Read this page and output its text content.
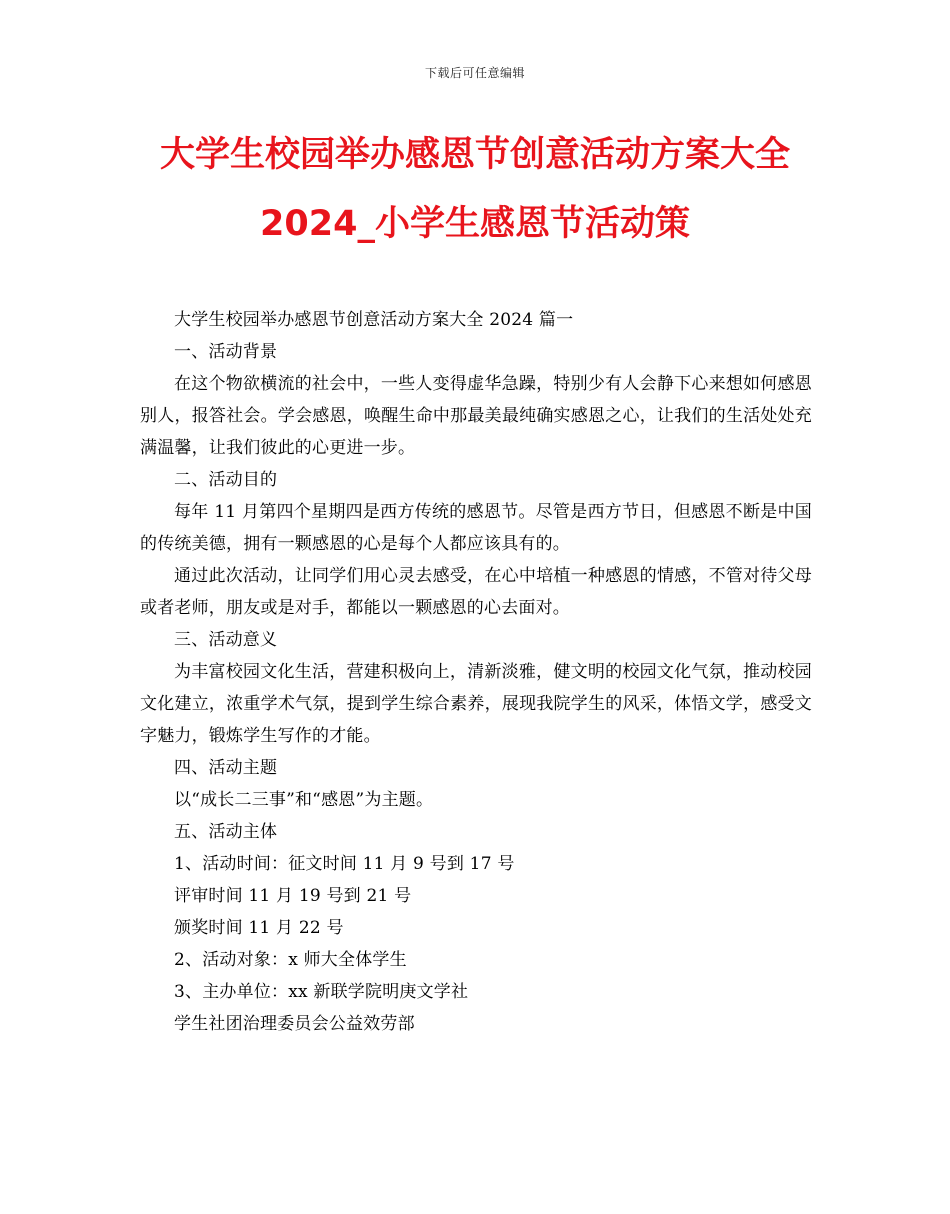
下载后可任意编辑
大学生校园举办感恩节创意活动方案大全
2024_小学生感恩节活动策

大学生校园举办感恩节创意活动方案大全 2024 篇一

一、活动背景

在这个物欲横流的社会中，一些人变得虚华急躁，特别少有人会静下心来想如何感恩别人，报答社会。学会感恩，唤醒生命中那最美最纯确实感恩之心，让我们的生活处处充满温馨，让我们彼此的心更进一步。

二、活动目的

每年 11 月第四个星期四是西方传统的感恩节。尽管是西方节日，但感恩不断是中国的传统美德，拥有一颗感恩的心是每个人都应该具有的。

通过此次活动，让同学们用心灵去感受，在心中培植一种感恩的情感，不管对待父母或者老师，朋友或是对手，都能以一颗感恩的心去面对。

三、活动意义

为丰富校园文化生活，营建积极向上，清新淡雅，健文明的校园文化气氛，推动校园文化建立，浓重学术气氛，提到学生综合素养，展现我院学生的风采，体悟文学，感受文字魅力，锻炼学生写作的才能。

四、活动主题

以“成长二三事”和“感恩”为主题。

五、活动主体

1、活动时间：征文时间 11 月 9 号到 17 号

评审时间 11 月 19 号到 21 号

颁奖时间 11 月 22 号

2、活动对象：x 师大全体学生

3、主办单位：xx 新联学院明庚文学社

学生社团治理委员会公益效劳部
